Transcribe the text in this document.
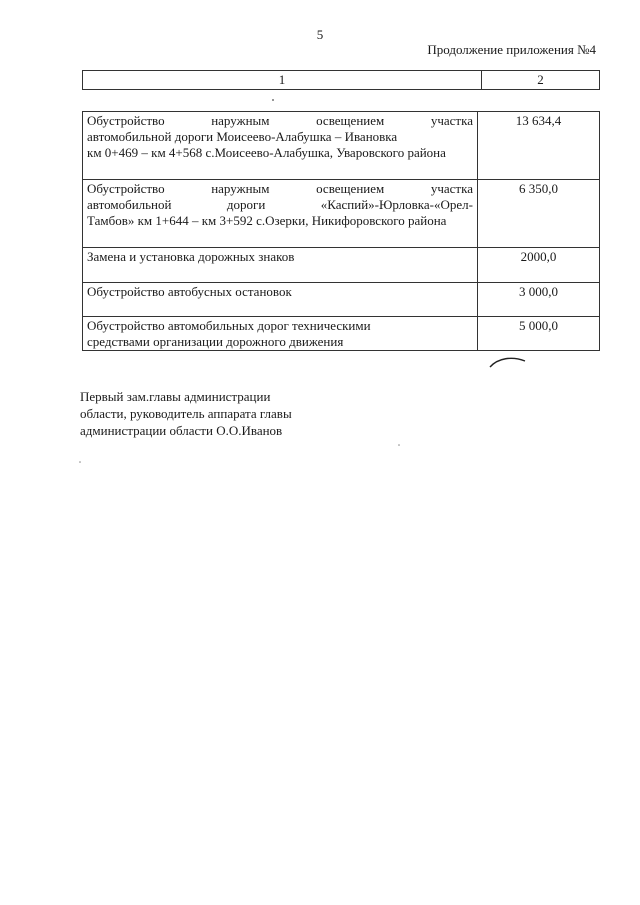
5
Продолжение приложения №4
1	2
Обустройство наружным освещением участка
автомобильной дороги Моисеево-Алабушка – Ивановка
км 0+469 – км 4+568 с.Моисеево-Алабушка, Уваровского района	13 634,4

Обустройство наружным освещением участка
автомобильной дороги «Каспий»-Юрловка-«Орел-
Тамбов» км 1+644 – км 3+592 с.Озерки, Никифоровского района	6 350,0

Замена и установка дорожных знаков	2000,0

Обустройство автобусных остановок	3 000,0

Обустройство автомобильных дорог техническими
средствами организации дорожного движения	5 000,0
Первый зам.главы администрации
области, руководитель аппарата главы
администрации области О.О.Иванов
